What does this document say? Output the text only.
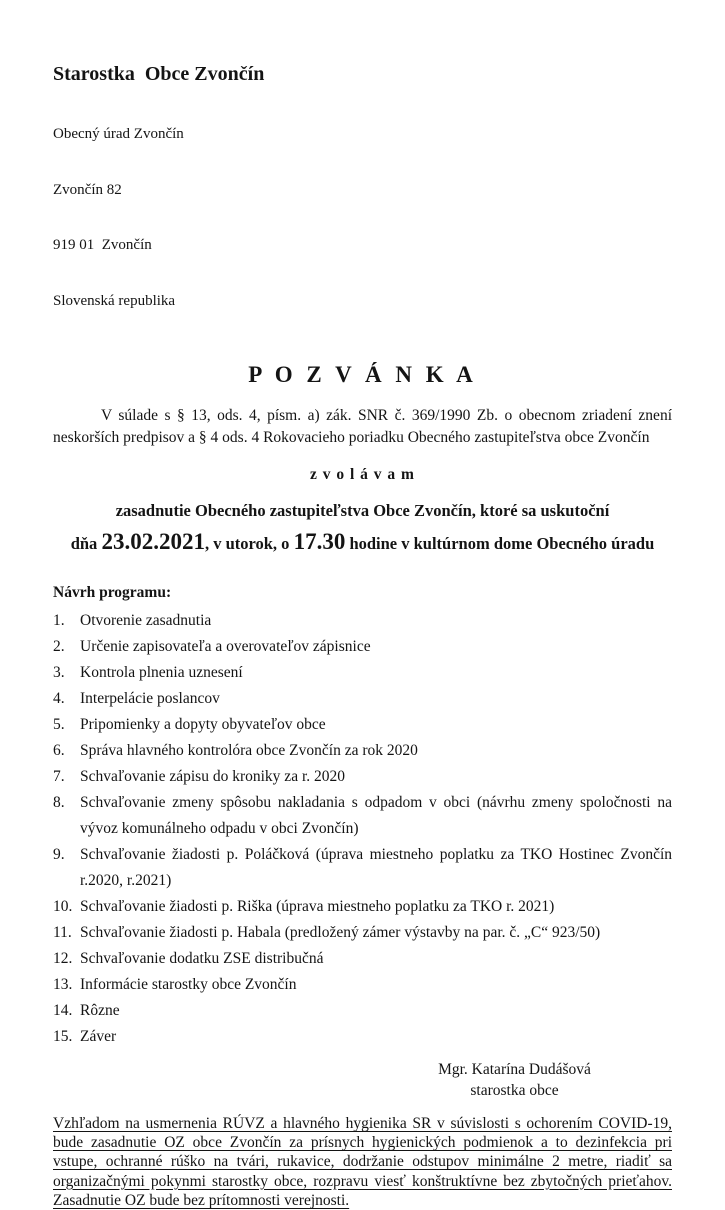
Starostka  Obce Zvončín

Obecný úrad Zvončín

Zvončín 82

919 01  Zvončín

Slovenská republika

P O Z V Á N K A

V súlade s § 13, ods. 4, písm. a) zák. SNR č. 369/1990 Zb. o obecnom zriadení znení neskorších predpisov a § 4 ods. 4 Rokovacieho poriadku Obecného zastupiteľstva obce Zvončín

z v o l á v a m

zasadnutie Obecného zastupiteľstva Obce Zvončín, ktoré sa uskutoční

dňa 23.02.2021, v utorok, o 17.30 hodine v kultúrnom dome Obecného úradu

Návrh programu:

1. Otvorenie zasadnutia
2. Určenie zapisovateľa a overovateľov zápisnice
3. Kontrola plnenia uznesení
4. Interpelácie poslancov
5. Pripomienky a dopyty obyvateľov obce
6. Správa hlavného kontrolóra obce Zvončín za rok 2020
7. Schvaľovanie zápisu do kroniky za r. 2020
8. Schvaľovanie zmeny spôsobu nakladania s odpadom v obci (návrhu zmeny spoločnosti na vývoz komunálneho odpadu v obci Zvončín)
9. Schvaľovanie žiadosti p. Poláčková (úprava miestneho poplatku za TKO Hostinec Zvončín r.2020, r.2021)
10. Schvaľovanie žiadosti p. Riška (úprava miestneho poplatku za TKO r. 2021)
11. Schvaľovanie žiadosti p. Habala (predložený zámer výstavby na par. č. „C“ 923/50)
12. Schvaľovanie dodatku ZSE distribučná
13. Informácie starostky obce Zvončín
14. Rôzne
15. Záver
Mgr. Katarína Dudášová
starostka obce

Vzhľadom na usmernenia RÚVZ a hlavného hygienika SR v súvislosti s ochorením COVID-19, bude zasadnutie OZ obce Zvončín za prísnych hygienických podmienok a to dezinfekcia pri vstupe, ochranné rúško na tvári, rukavice, dodržanie odstupov minimálne 2 metre, riadiť sa organizačnými pokynmi starostky obce, rozpravu viesť konštruktívne bez zbytočných prieťahov. Zasadnutie OZ bude bez prítomnosti verejnosti.
